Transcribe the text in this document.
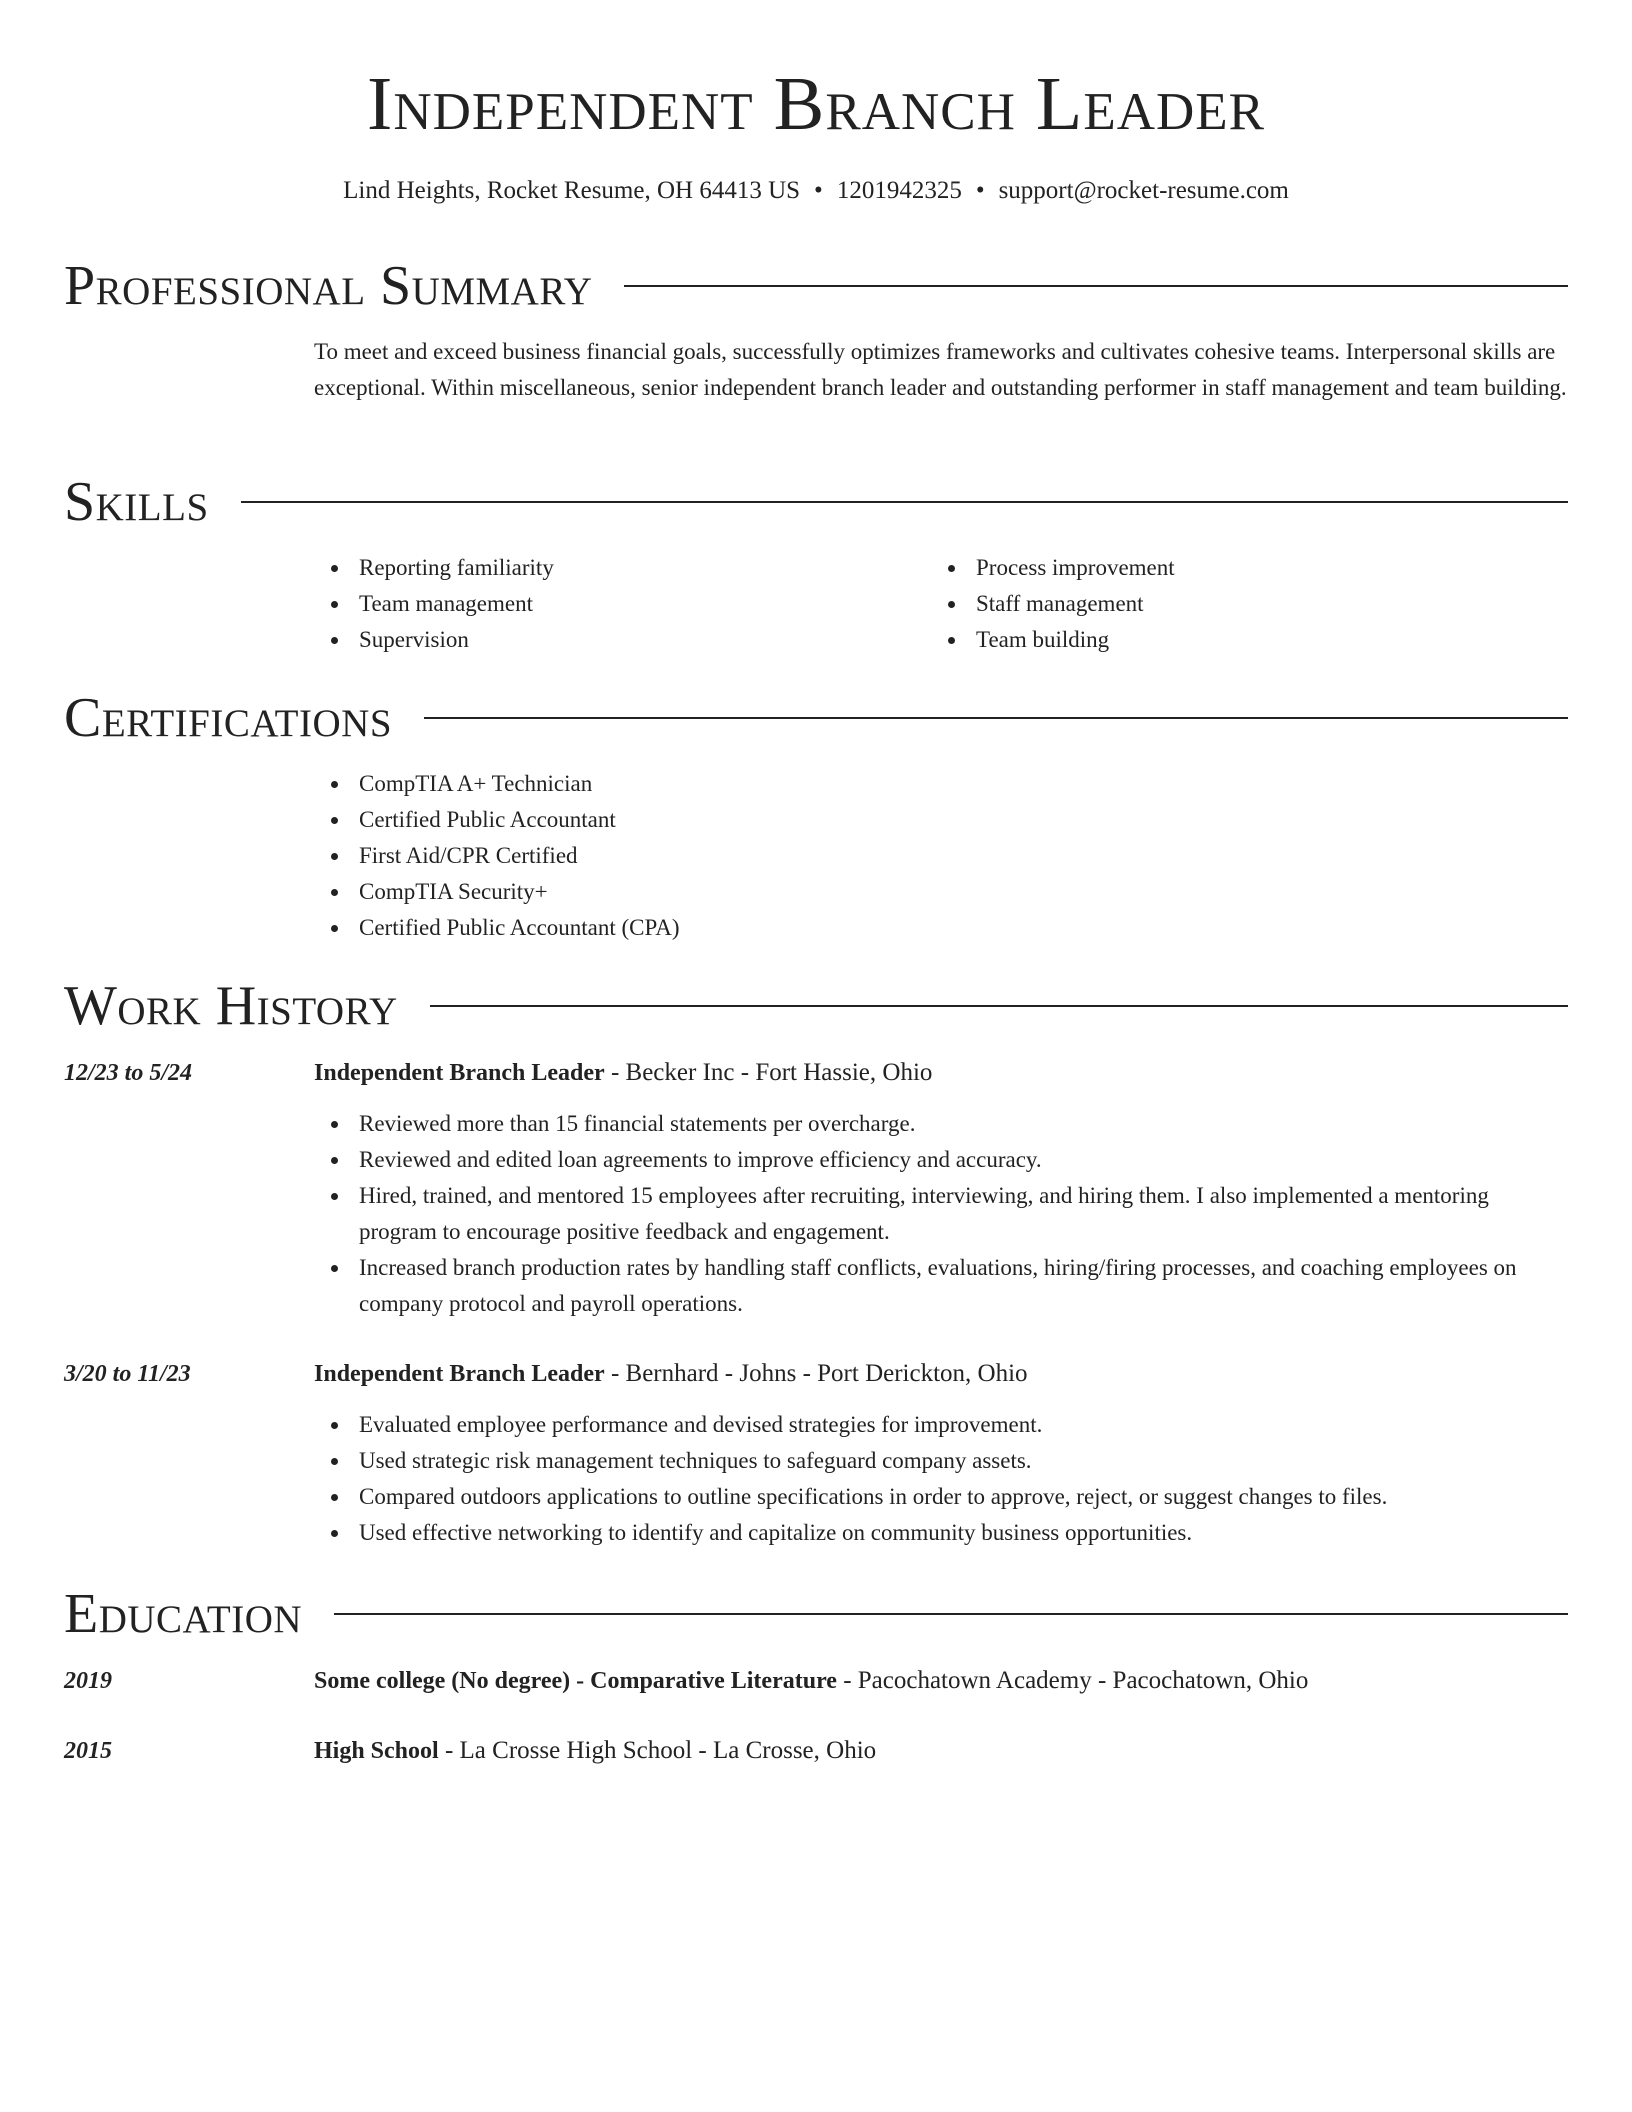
Independent Branch Leader
Lind Heights, Rocket Resume, OH 64413 US • 1201942325 • support@rocket-resume.com
Professional Summary
To meet and exceed business financial goals, successfully optimizes frameworks and cultivates cohesive teams. Interpersonal skills are exceptional. Within miscellaneous, senior independent branch leader and outstanding performer in staff management and team building.
Skills
Reporting familiarity
Team management
Supervision
Process improvement
Staff management
Team building
Certifications
CompTIA A+ Technician
Certified Public Accountant
First Aid/CPR Certified
CompTIA Security+
Certified Public Accountant (CPA)
Work History
12/23 to 5/24	Independent Branch Leader - Becker Inc - Fort Hassie, Ohio
Reviewed more than 15 financial statements per overcharge.
Reviewed and edited loan agreements to improve efficiency and accuracy.
Hired, trained, and mentored 15 employees after recruiting, interviewing, and hiring them. I also implemented a mentoring program to encourage positive feedback and engagement.
Increased branch production rates by handling staff conflicts, evaluations, hiring/firing processes, and coaching employees on company protocol and payroll operations.
3/20 to 11/23	Independent Branch Leader - Bernhard - Johns - Port Derickton, Ohio
Evaluated employee performance and devised strategies for improvement.
Used strategic risk management techniques to safeguard company assets.
Compared outdoors applications to outline specifications in order to approve, reject, or suggest changes to files.
Used effective networking to identify and capitalize on community business opportunities.
Education
2019	Some college (No degree) - Comparative Literature - Pacochatown Academy - Pacochatown, Ohio
2015	High School - La Crosse High School - La Crosse, Ohio
